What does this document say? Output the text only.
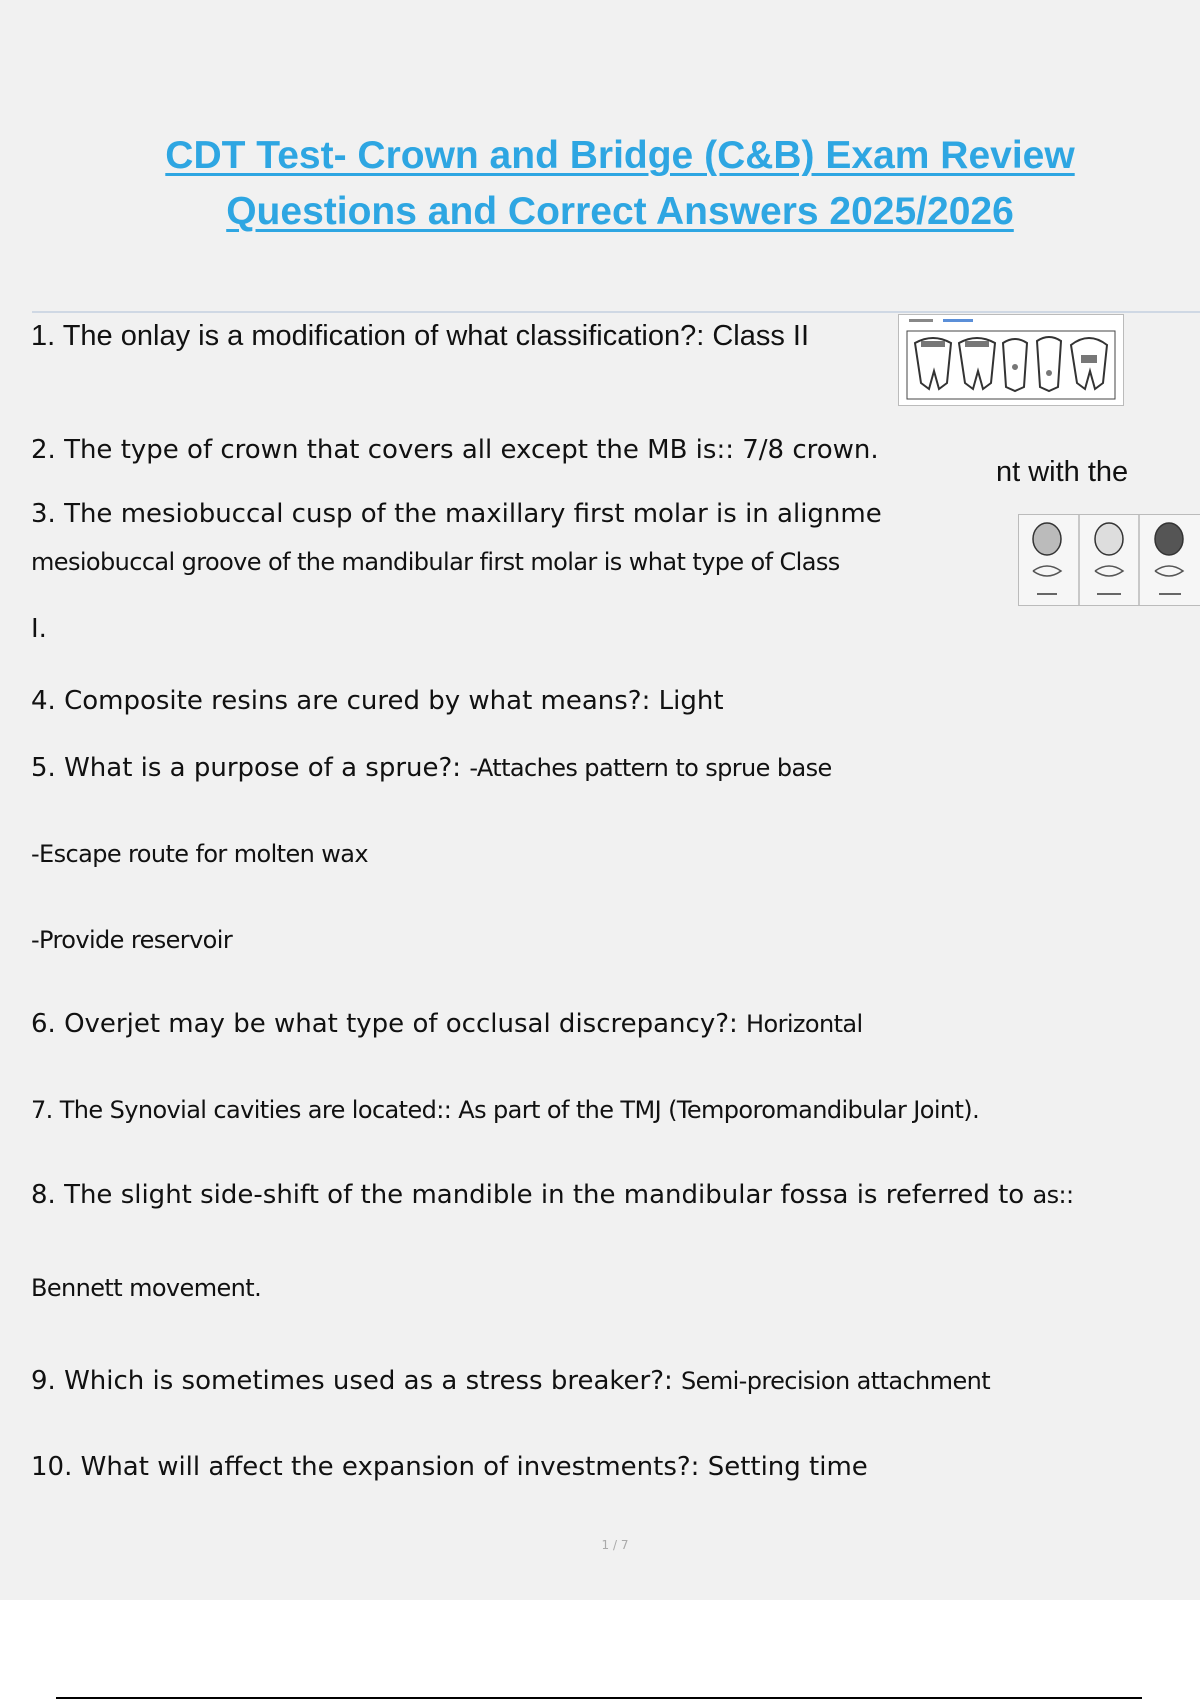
CDT Test- Crown and Bridge (C&B) Exam Review
Questions and Correct Answers 2025/2026
1. The onlay is a modification of what classification?: Class II
2. The type of crown that covers all except the MB is:: 7/8 crown.
3. The mesiobuccal cusp of the maxillary first molar is in alignme
nt with the
mesiobuccal groove of the mandibular first molar is what type of Class
I.
4. Composite resins are cured by what means?: Light
5. What is a purpose of a sprue?: -Attaches pattern to sprue base
-Escape route for molten wax
-Provide reservoir
6. Overjet may be what type of occlusal discrepancy?: Horizontal
7. The Synovial cavities are located:: As part of the TMJ (Temporomandibular Joint).
8. The slight side-shift of the mandible in the mandibular fossa is referred to as::
Bennett movement.
9. Which is sometimes used as a stress breaker?: Semi-precision attachment
10. What will affect the expansion of investments?: Setting time
1 / 7
